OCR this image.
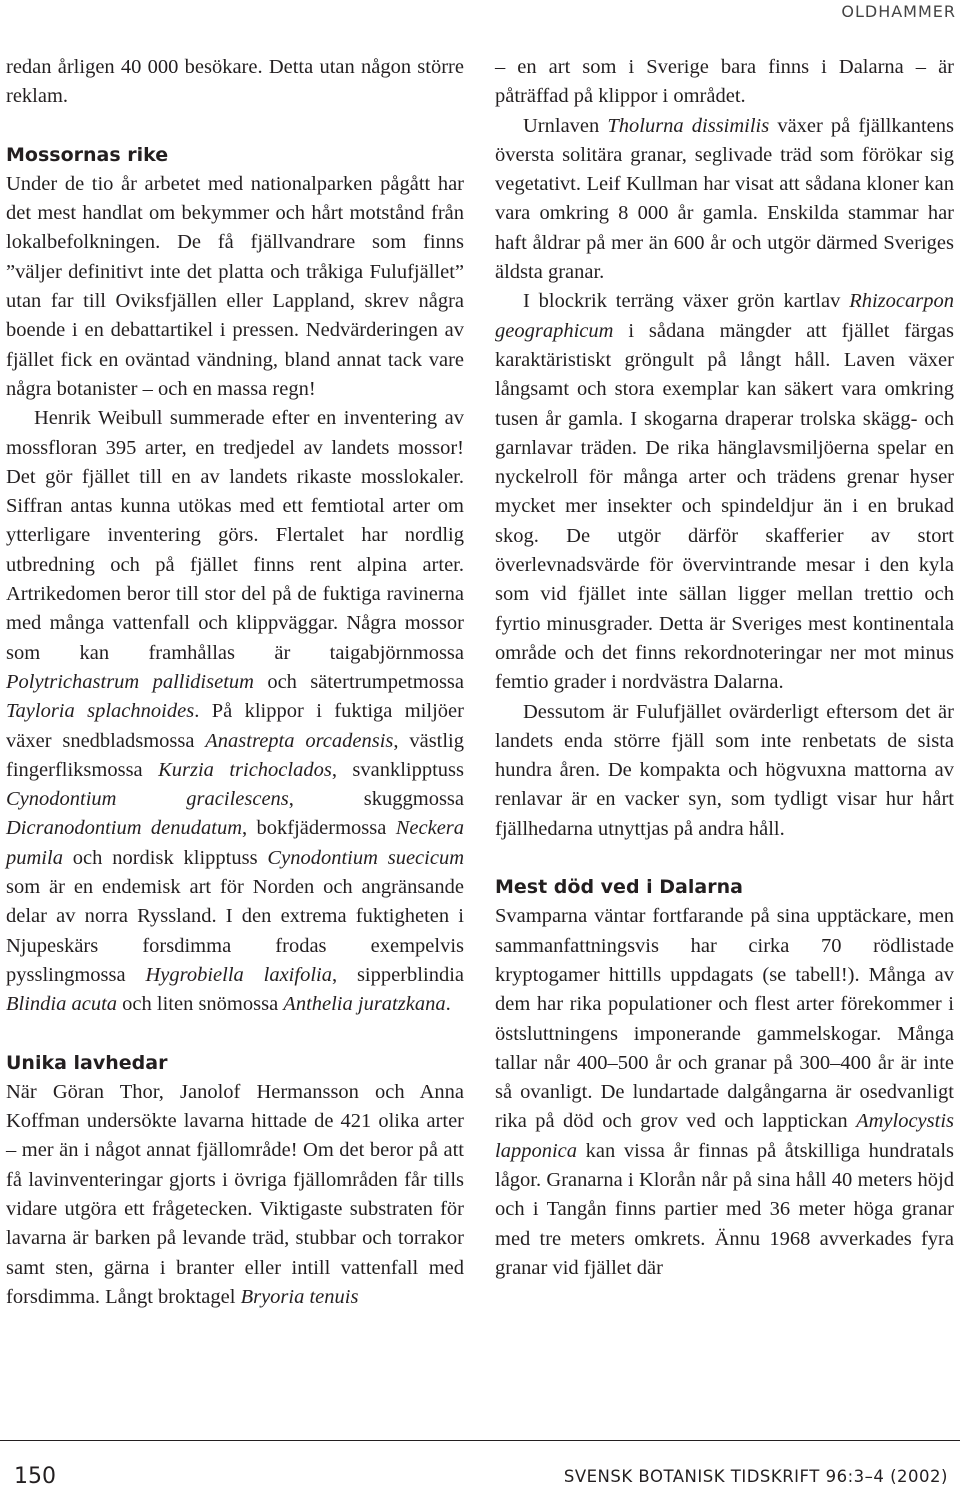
OLDHAMMER

redan årligen 40 000 besökare. Detta utan någon större reklam.

Mossornas rike

Under de tio år arbetet med nationalparken pågått har det mest handlat om bekymmer och hårt motstånd från lokalbefolkningen. De få fjällvandrare som finns ”väljer definitivt inte det platta och tråkiga Fulufjället” utan far till Oviksfjällen eller Lappland, skrev några boende i en debattartikel i pressen. Nedvärderingen av fjället fick en oväntad vändning, bland annat tack vare några botanister – och en massa regn!

Henrik Weibull summerade efter en inventering av mossfloran 395 arter, en tredjedel av landets mossor! Det gör fjället till en av landets rikaste mosslokaler. Siffran antas kunna utökas med ett femtiotal arter om ytterligare inventering görs. Flertalet har nordlig utbredning och på fjället finns rent alpina arter. Artrikedomen beror till stor del på de fuktiga ravinerna med många vattenfall och klippväggar. Några mossor som kan framhållas är taigabjörnmossa Polytrichastrum pallidisetum och sätertrumpetmossa Tayloria splachnoides. På klippor i fuktiga miljöer växer snedbladsmossa Anastrepta orcadensis, västlig fingerfliksmossa Kurzia trichoclados, svanklipptuss Cynodontium gracilescens, skuggmossa Dicranodontium denudatum, bokfjädermossa Neckera pumila och nordisk klipptuss Cynodontium suecicum som är en endemisk art för Norden och angränsande delar av norra Ryssland. I den extrema fuktigheten i Njupeskärs forsdimma frodas exempelvis pysslingmossa Hygrobiella laxifolia, sipperblindia Blindia acuta och liten snömossa Anthelia juratzkana.

Unika lavhedar

När Göran Thor, Janolof Hermansson och Anna Koffman undersökte lavarna hittade de 421 olika arter – mer än i något annat fjällområde! Om det beror på att få lavinventeringar gjorts i övriga fjällområden får tills vidare utgöra ett frågetecken. Viktigaste substraten för lavarna är barken på levande träd, stubbar och torrakor samt sten, gärna i branter eller intill vattenfall med forsdimma. Långt broktagel Bryoria tenuis

– en art som i Sverige bara finns i Dalarna – är påträffad på klippor i området.

Urnlaven Tholurna dissimilis växer på fjällkantens översta solitära granar, seglivade träd som förökar sig vegetativt. Leif Kullman har visat att sådana kloner kan vara omkring 8 000 år gamla. Enskilda stammar har haft åldrar på mer än 600 år och utgör därmed Sveriges äldsta granar.

I blockrik terräng växer grön kartlav Rhizocarpon geographicum i sådana mängder att fjället färgas karaktäristiskt gröngult på långt håll. Laven växer långsamt och stora exemplar kan säkert vara omkring tusen år gamla. I skogarna draperar trolska skägg- och garnlavar träden. De rika hänglavsmiljöerna spelar en nyckelroll för många arter och trädens grenar hyser mycket mer insekter och spindeldjur än i en brukad skog. De utgör därför skafferier av stort överlevnadsvärde för övervintrande mesar i den kyla som vid fjället inte sällan ligger mellan trettio och fyrtio minusgrader. Detta är Sveriges mest kontinentala område och det finns rekordnoteringar ner mot minus femtio grader i nordvästra Dalarna.

Dessutom är Fulufjället ovärderligt eftersom det är landets enda större fjäll som inte renbetats de sista hundra åren. De kompakta och högvuxna mattorna av renlavar är en vacker syn, som tydligt visar hur hårt fjällhedarna utnyttjas på andra håll.

Mest död ved i Dalarna

Svamparna väntar fortfarande på sina upptäckare, men sammanfattningsvis har cirka 70 rödlistade kryptogamer hittills uppdagats (se tabell!). Många av dem har rika populationer och flest arter förekommer i östsluttningens imponerande gammelskogar. Många tallar når 400–500 år och granar på 300–400 år är inte så ovanligt. De lundartade dalgångarna är osedvanligt rika på död och grov ved och lapptickan Amylocystis lapponica kan vissa år finnas på åtskilliga hundratals lågor. Granarna i Klorån når på sina håll 40 meters höjd och i Tangån finns partier med 36 meter höga granar med tre meters omkrets. Ännu 1968 avverkades fyra granar vid fjället där

150	SVENSK BOTANISK TIDSKRIFT 96:3–4 (2002)
